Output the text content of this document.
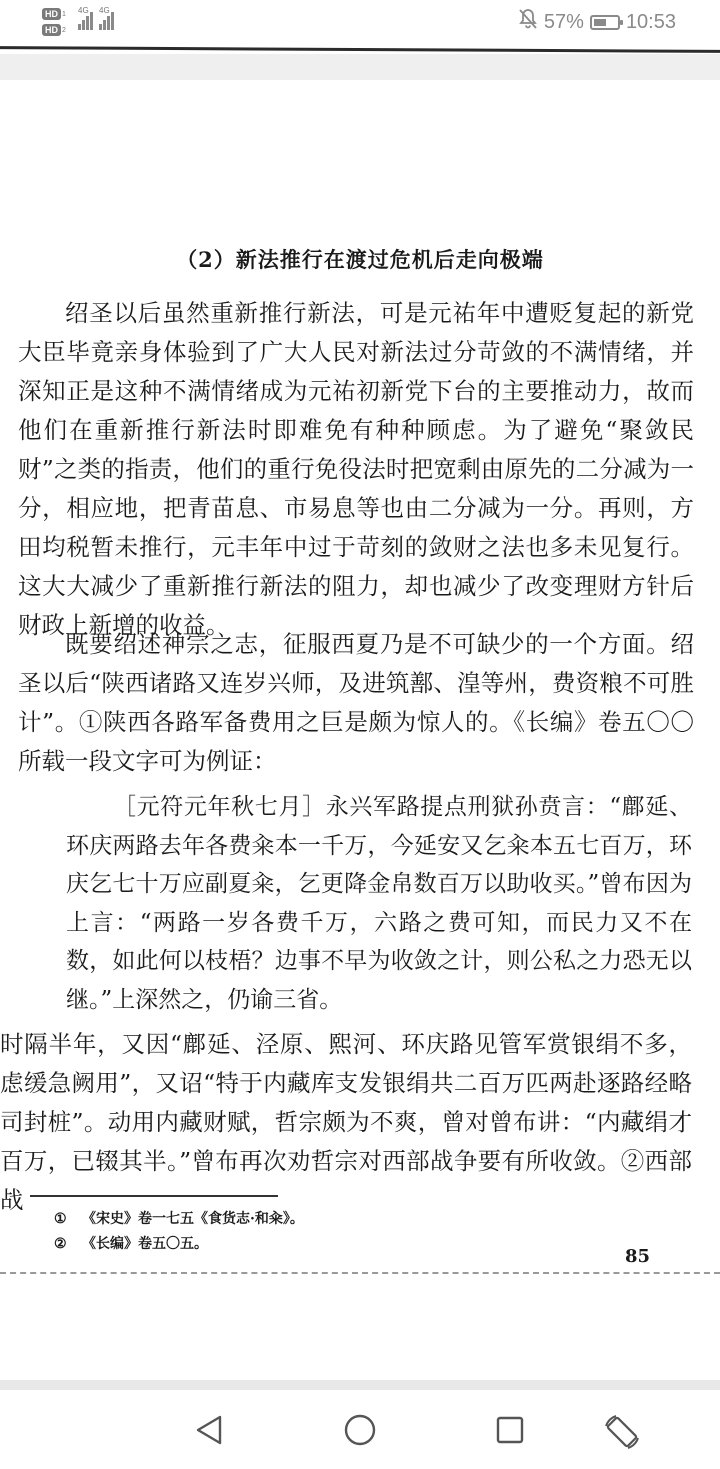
HD 1
HD 2
4G 4G	57% 10:53
（2）新法推行在渡过危机后走向极端

绍圣以后虽然重新推行新法，可是元祐年中遭贬复起的新党大臣毕竟亲身体验到了广大人民对新法过分苛敛的不满情绪，并深知正是这种不满情绪成为元祐初新党下台的主要推动力，故而他们在重新推行新法时即难免有种种顾虑。为了避免“聚敛民财”之类的指责，他们的重行免役法时把宽剩由原先的二分减为一分，相应地，把青苗息、市易息等也由二分减为一分。再则，方田均税暂未推行，元丰年中过于苛刻的敛财之法也多未见复行。这大大减少了重新推行新法的阻力，却也减少了改变理财方针后财政上新增的收益。

既要绍述神宗之志，征服西夏乃是不可缺少的一个方面。绍圣以后“陕西诸路又连岁兴师，及进筑鄯、湟等州，费资粮不可胜计”。①陕西各路军备费用之巨是颇为惊人的。《长编》卷五〇〇所载一段文字可为例证：

［元符元年秋七月］永兴军路提点刑狱孙贲言：“鄜延、环庆两路去年各费籴本一千万，今延安又乞籴本五七百万，环庆乞七十万应副夏籴，乞更降金帛数百万以助收买。”曾布因为上言：“两路一岁各费千万，六路之费可知，而民力又不在数，如此何以枝梧？边事不早为收敛之计，则公私之力恐无以继。”上深然之，仍谕三省。

时隔半年，又因“鄜延、泾原、熙河、环庆路见管军赏银绢不多，虑缓急阙用”，又诏“特于内藏库支发银绢共二百万匹两赴逐路经略司封桩”。动用内藏财赋，哲宗颇为不爽，曾对曾布讲：“内藏绢才百万，已辍其半。”曾布再次劝哲宗对西部战争要有所收敛。②西部战

① 《宋史》卷一七五《食货志·和籴》。
② 《长编》卷五〇五。
85
